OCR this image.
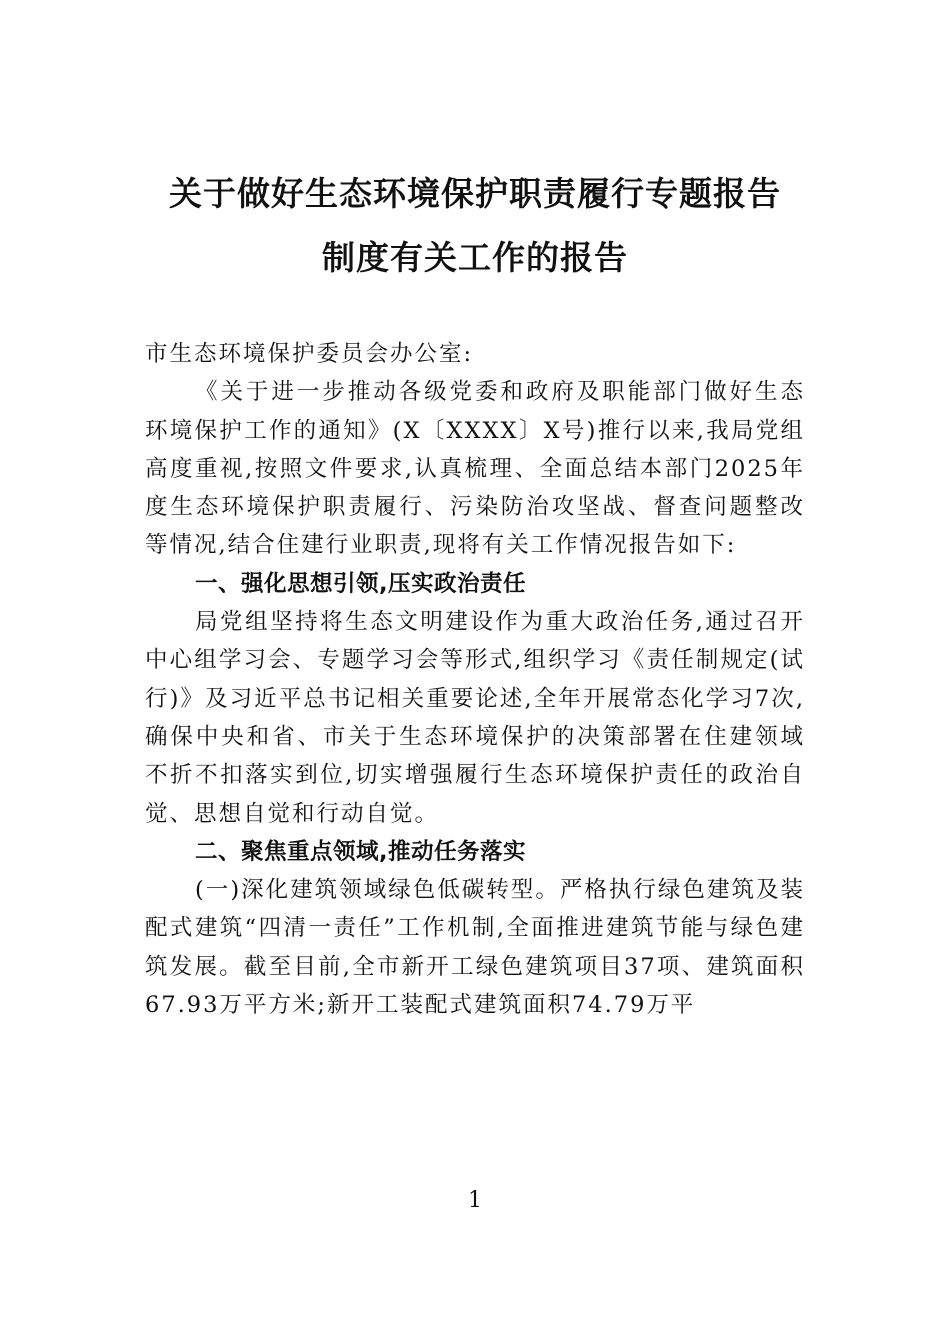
关于做好生态环境保护职责履行专题报告
制度有关工作的报告

市生态环境保护委员会办公室:

《关于进一步推动各级党委和政府及职能部门做好生态环境保护工作的通知》(X〔XXXX〕X号)推行以来,我局党组高度重视,按照文件要求,认真梳理、全面总结本部门2025年度生态环境保护职责履行、污染防治攻坚战、督查问题整改等情况,结合住建行业职责,现将有关工作情况报告如下:

一、强化思想引领,压实政治责任

局党组坚持将生态文明建设作为重大政治任务,通过召开中心组学习会、专题学习会等形式,组织学习《责任制规定(试行)》及习近平总书记相关重要论述,全年开展常态化学习7次,确保中央和省、市关于生态环境保护的决策部署在住建领域不折不扣落实到位,切实增强履行生态环境保护责任的政治自觉、思想自觉和行动自觉。

二、聚焦重点领域,推动任务落实

(一)深化建筑领域绿色低碳转型。严格执行绿色建筑及装配式建筑“四清一责任”工作机制,全面推进建筑节能与绿色建筑发展。截至目前,全市新开工绿色建筑项目37项、建筑面积67.93万平方米;新开工装配式建筑面积74.79万平

1
